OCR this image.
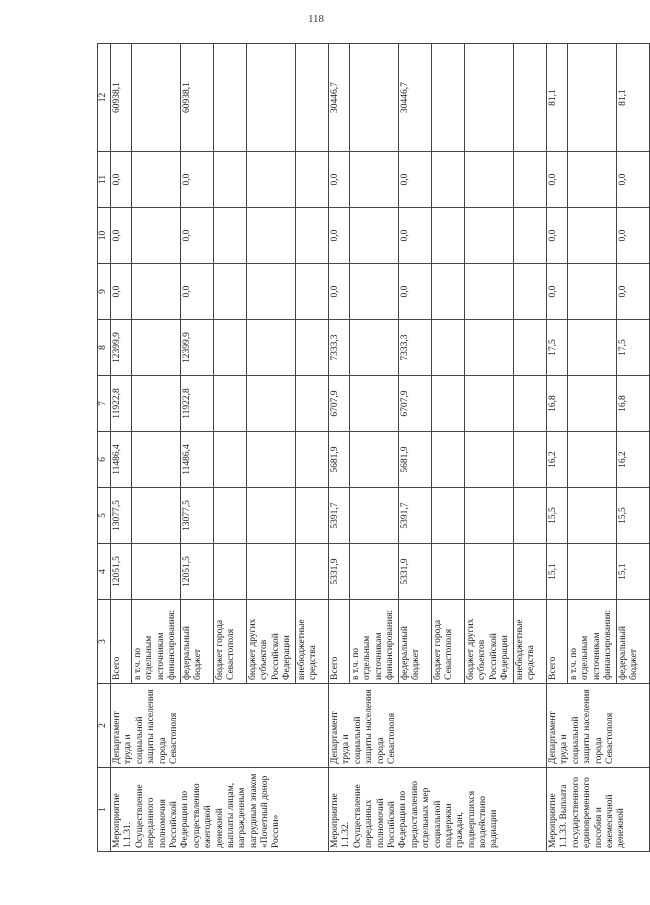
118
1	2	3	4	5	6	7	8	9	10	11	12
Мероприятие 1.1.31. Осуществление переданного полномочия Российской Федерации по осуществлению ежегодной денежной выплаты лицам, награжденным нагрудным знаком «Почетный донор России»	Департамент труда и социальной защиты населения города Севастополя	Всего	12051,5	13077,5	11486,4	11922,8	12399,9	0,0	0,0	0,0	60938,1
		в т.ч. по отдельным источникам финансирования:									
		федеральный бюджет	12051,5	13077,5	11486,4	11922,8	12399,9	0,0	0,0	0,0	60938,1
		бюджет города Севастополя									
		бюджет других субъектов Российской Федерации									
		внебюджетные средства									
Мероприятие 1.1.32. Осуществление переданных полномочий Российской Федерации по предоставлению отдельных мер социальной поддержки граждан, подвергшихся воздействию радиации	Департамент труда и социальной защиты населения города Севастополя	Всего	5331,9	5391,7	5681,9	6707,9	7333,3	0,0	0,0	0,0	30446,7
		в т.ч. по отдельным источникам финансирования:									
		федеральный бюджет	5331,9	5391,7	5681,9	6707,9	7333,3	0,0	0,0	0,0	30446,7
		бюджет города Севастополя									
		бюджет других субъектов Российской Федерации									
		внебюджетные средства									
Мероприятие 1.1.33. Выплата государственного единовременного пособия и ежемесячной денежной	Департамент труда и социальной защиты населения города Севастополя	Всего	15,1	15,5	16,2	16,8	17,5	0,0	0,0	0,0	81,1
		в т.ч. по отдельным источникам финансирования:									
		федеральный бюджет	15,1	15,5	16,2	16,8	17,5	0,0	0,0	0,0	81,1
